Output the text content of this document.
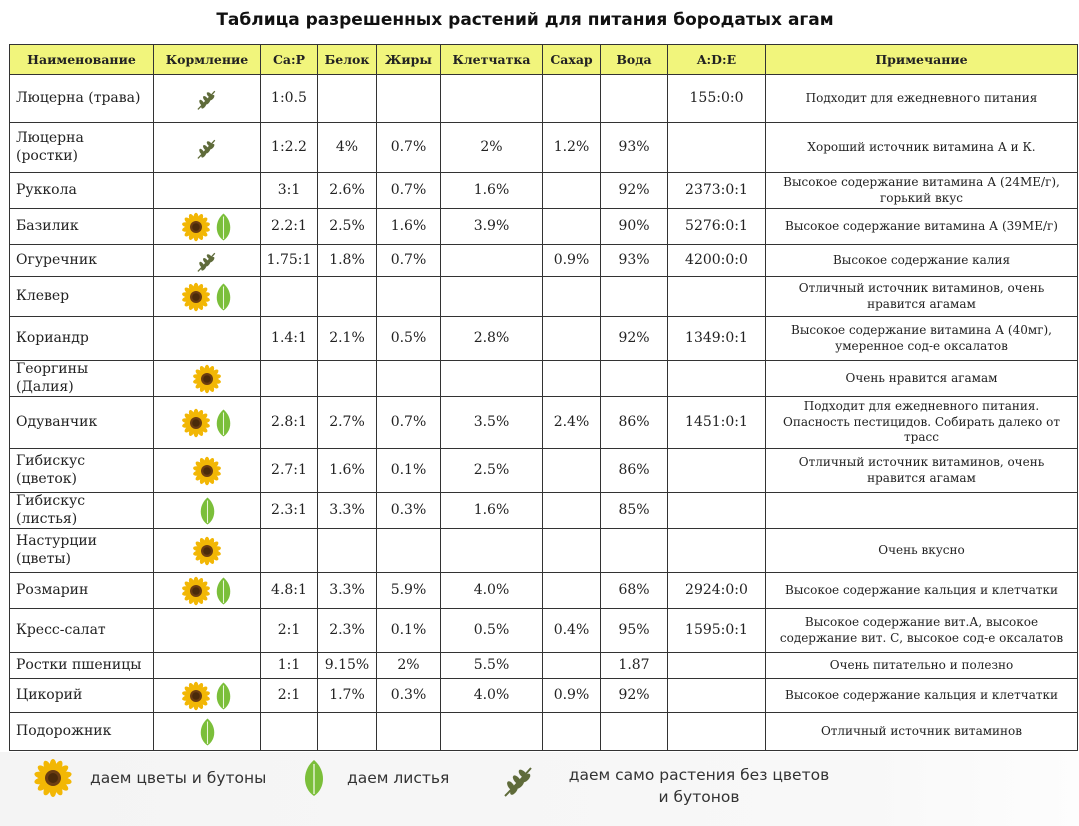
Таблица разрешенных растений для питания бородатых агам
Наименование	Кормление	Ca:P	Белок	Жиры	Клетчатка	Сахар	Вода	A:D:E	Примечание
Люцерна (трава)		1:0.5						155:0:0	Подходит для ежедневного питания
Люцерна (ростки)		1:2.2	4%	0.7%	2%	1.2%	93%		Хороший источник витамина А и К.
Руккола		3:1	2.6%	0.7%	1.6%		92%	2373:0:1	Высокое содержание витамина А (24МЕ/г), горький вкус
Базилик		2.2:1	2.5%	1.6%	3.9%		90%	5276:0:1	Высокое содержание витамина А (39МЕ/г)
Огуречник		1.75:1	1.8%	0.7%		0.9%	93%	4200:0:0	Высокое содержание калия
Клевер									Отличный источник витаминов, очень нравится агамам
Кориандр		1.4:1	2.1%	0.5%	2.8%		92%	1349:0:1	Высокое содержание витамина А (40мг), умеренное сод-е оксалатов
Георгины (Далия)									Очень нравится агамам
Одуванчик		2.8:1	2.7%	0.7%	3.5%	2.4%	86%	1451:0:1	Подходит для ежедневного питания. Опасность пестицидов. Собирать далеко от трасс
Гибискус (цветок)		2.7:1	1.6%	0.1%	2.5%		86%		Отличный источник витаминов, очень нравится агамам
Гибискус (листья)		2.3:1	3.3%	0.3%	1.6%		85%		
Настурции (цветы)									Очень вкусно
Розмарин		4.8:1	3.3%	5.9%	4.0%		68%	2924:0:0	Высокое содержание кальция и клетчатки
Кресс-салат		2:1	2.3%	0.1%	0.5%	0.4%	95%	1595:0:1	Высокое содержание вит.А, высокое содержание вит. С, высокое сод-е оксалатов
Ростки пшеницы		1:1	9.15%	2%	5.5%		1.87		Очень питательно и полезно
Цикорий		2:1	1.7%	0.3%	4.0%	0.9%	92%		Высокое содержание кальция и клетчатки
Подорожник									Отличный источник витаминов
даем цветы и бутоны	даем листья	даем само растения без цветов и бутонов
